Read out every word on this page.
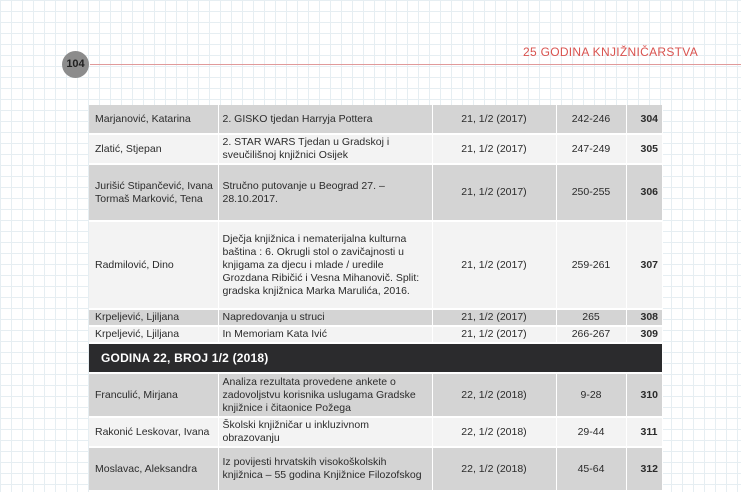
104
25 GODINA KNJIŽNIČARSTVA
Marjanović, Katarina	2. GISKO tjedan Harryja Pottera	21, 1/2 (2017)	242-246	304
Zlatić, Stjepan	2. STAR WARS Tjedan u Gradskoj i sveučilišnoj knjižnici Osijek	21, 1/2 (2017)	247-249	305
Jurišić Stipančević, Ivana Tormaš Marković, Tena	Stručno putovanje u Beograd 27. – 28.10.2017.	21, 1/2 (2017)	250-255	306
Radmilović, Dino	Dječja knjižnica i nematerijalna kulturna baština : 6. Okrugli stol o zavičajnosti u knjigama za djecu i mlade / uredile Grozdana Ribičić i Vesna Mihanovič. Split: gradska knjižnica Marka Marulića, 2016.	21, 1/2 (2017)	259-261	307
Krpeljević, Ljiljana	Napredovanja u struci	21, 1/2 (2017)	265	308
Krpeljević, Ljiljana	In Memoriam Kata Ivić	21, 1/2 (2017)	266-267	309
GODINA 22, BROJ 1/2 (2018)				
Franculić, Mirjana	Analiza rezultata provedene ankete o zadovoljstvu korisnika uslugama Gradske knjižnice i čitaonice Požega	22, 1/2 (2018)	9-28	310
Rakonić Leskovar, Ivana	Školski knjižničar u inkluzivnom obrazovanju	22, 1/2 (2018)	29-44	311
Moslavac, Aleksandra	Iz povijesti hrvatskih visokoškolskih knjižnica – 55 godina Knjižnice Filozofskog	22, 1/2 (2018)	45-64	312
